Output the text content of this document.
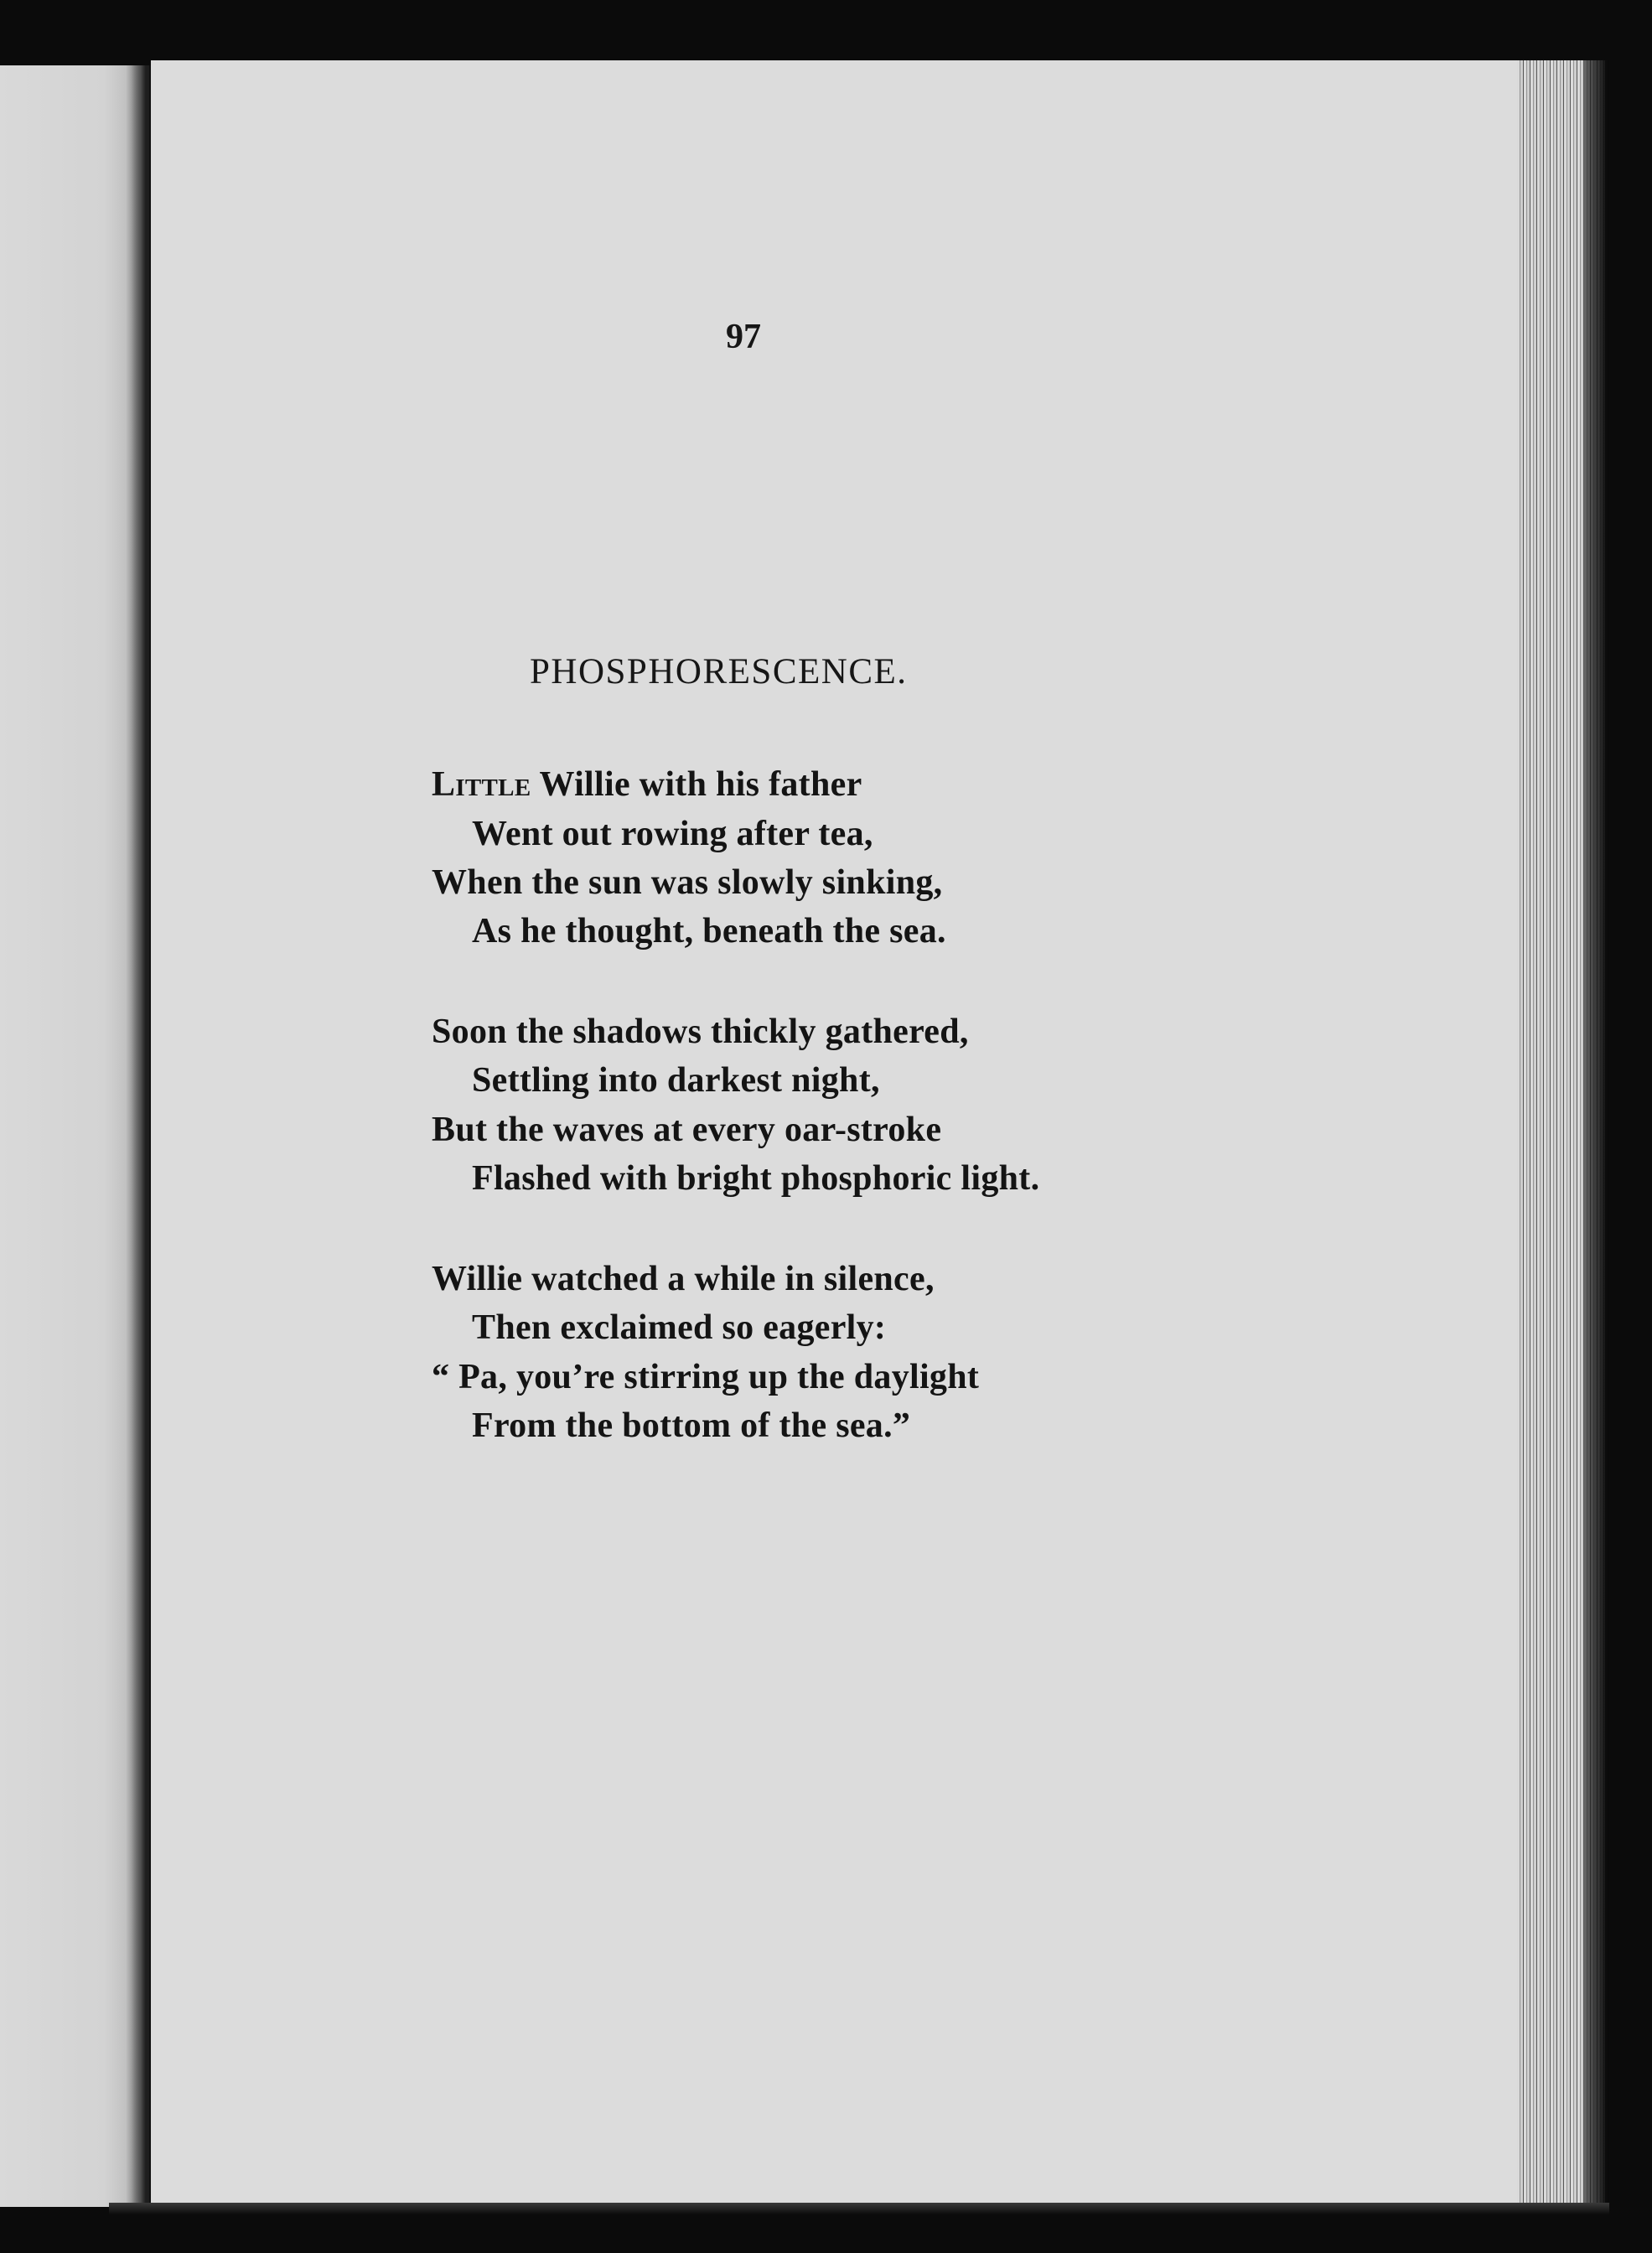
97
PHOSPHORESCENCE.
Little Willie with his father
Went out rowing after tea,
When the sun was slowly sinking,
As he thought, beneath the sea.
Soon the shadows thickly gathered,
Settling into darkest night,
But the waves at every oar-stroke
Flashed with bright phosphoric light.
Willie watched a while in silence,
Then exclaimed so eagerly:
“ Pa, you’re stirring up the daylight
From the bottom of the sea.”
